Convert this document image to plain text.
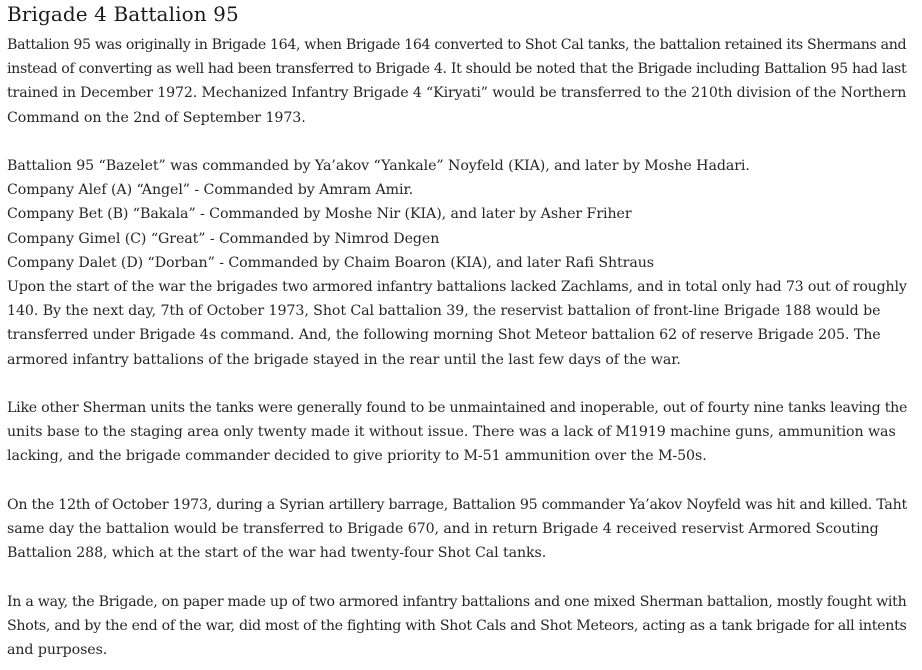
Brigade 4 Battalion 95
Battalion 95 was originally in Brigade 164, when Brigade 164 converted to Shot Cal tanks, the battalion retained its Shermans and
instead of converting as well had been transferred to Brigade 4. It should be noted that the Brigade including Battalion 95 had last
trained in December 1972. Mechanized Infantry Brigade 4 “Kiryati” would be transferred to the 210th division of the Northern
Command on the 2nd of September 1973.
Battalion 95 “Bazelet” was commanded by Ya’akov “Yankale” Noyfeld (KIA), and later by Moshe Hadari.
Company Alef (A) “Angel” - Commanded by Amram Amir.
Company Bet (B) “Bakala” - Commanded by Moshe Nir (KIA), and later by Asher Friher
Company Gimel (C) “Great” - Commanded by Nimrod Degen
Company Dalet (D) “Dorban” - Commanded by Chaim Boaron (KIA), and later Rafi Shtraus
Upon the start of the war the brigades two armored infantry battalions lacked Zachlams, and in total only had 73 out of roughly
140. By the next day, 7th of October 1973, Shot Cal battalion 39, the reservist battalion of front-line Brigade 188 would be
transferred under Brigade 4s command. And, the following morning Shot Meteor battalion 62 of reserve Brigade 205. The
armored infantry battalions of the brigade stayed in the rear until the last few days of the war.
Like other Sherman units the tanks were generally found to be unmaintained and inoperable, out of fourty nine tanks leaving the
units base to the staging area only twenty made it without issue. There was a lack of M1919 machine guns, ammunition was
lacking, and the brigade commander decided to give priority to M-51 ammunition over the M-50s.
On the 12th of October 1973, during a Syrian artillery barrage, Battalion 95 commander Ya’akov Noyfeld was hit and killed. Taht
same day the battalion would be transferred to Brigade 670, and in return Brigade 4 received reservist Armored Scouting
Battalion 288, which at the start of the war had twenty-four Shot Cal tanks.
In a way, the Brigade, on paper made up of two armored infantry battalions and one mixed Sherman battalion, mostly fought with
Shots, and by the end of the war, did most of the fighting with Shot Cals and Shot Meteors, acting as a tank brigade for all intents
and purposes.
